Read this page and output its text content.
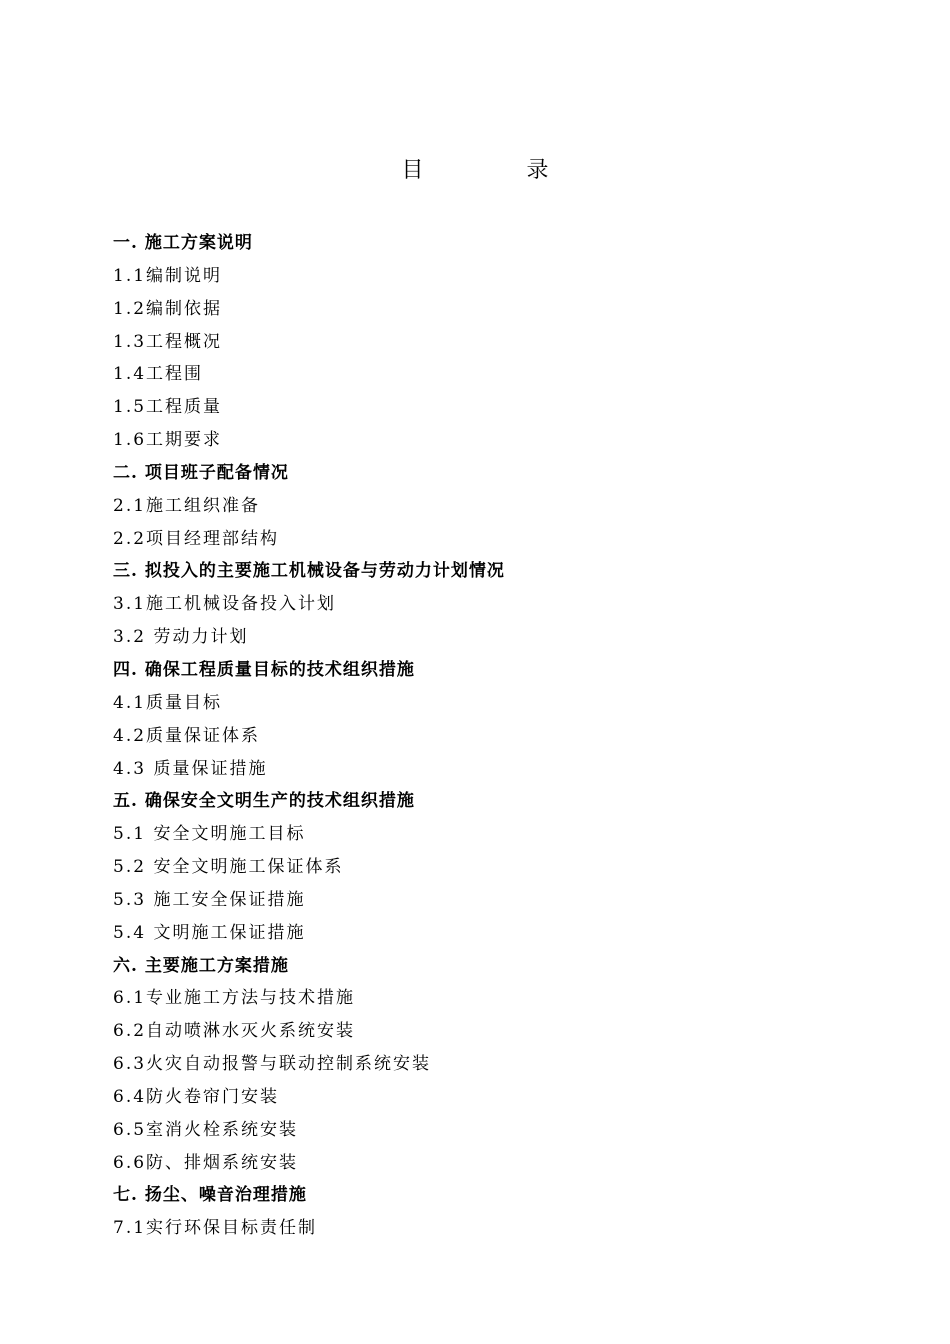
目 录
一. 施工方案说明
1.1编制说明
1.2编制依据
1.3工程概况
1.4工程围
1.5工程质量
1.6工期要求
二. 项目班子配备情况
2.1施工组织准备
2.2项目经理部结构
三. 拟投入的主要施工机械设备与劳动力计划情况
3.1施工机械设备投入计划
3.2 劳动力计划
四. 确保工程质量目标的技术组织措施
4.1质量目标
4.2质量保证体系
4.3 质量保证措施
五. 确保安全文明生产的技术组织措施
5.1 安全文明施工目标
5.2 安全文明施工保证体系
5.3 施工安全保证措施
5.4 文明施工保证措施
六. 主要施工方案措施
6.1专业施工方法与技术措施
6.2自动喷淋水灭火系统安装
6.3火灾自动报警与联动控制系统安装
6.4防火卷帘门安装
6.5室消火栓系统安装
6.6防、排烟系统安装
七. 扬尘、噪音治理措施
7.1实行环保目标责任制
